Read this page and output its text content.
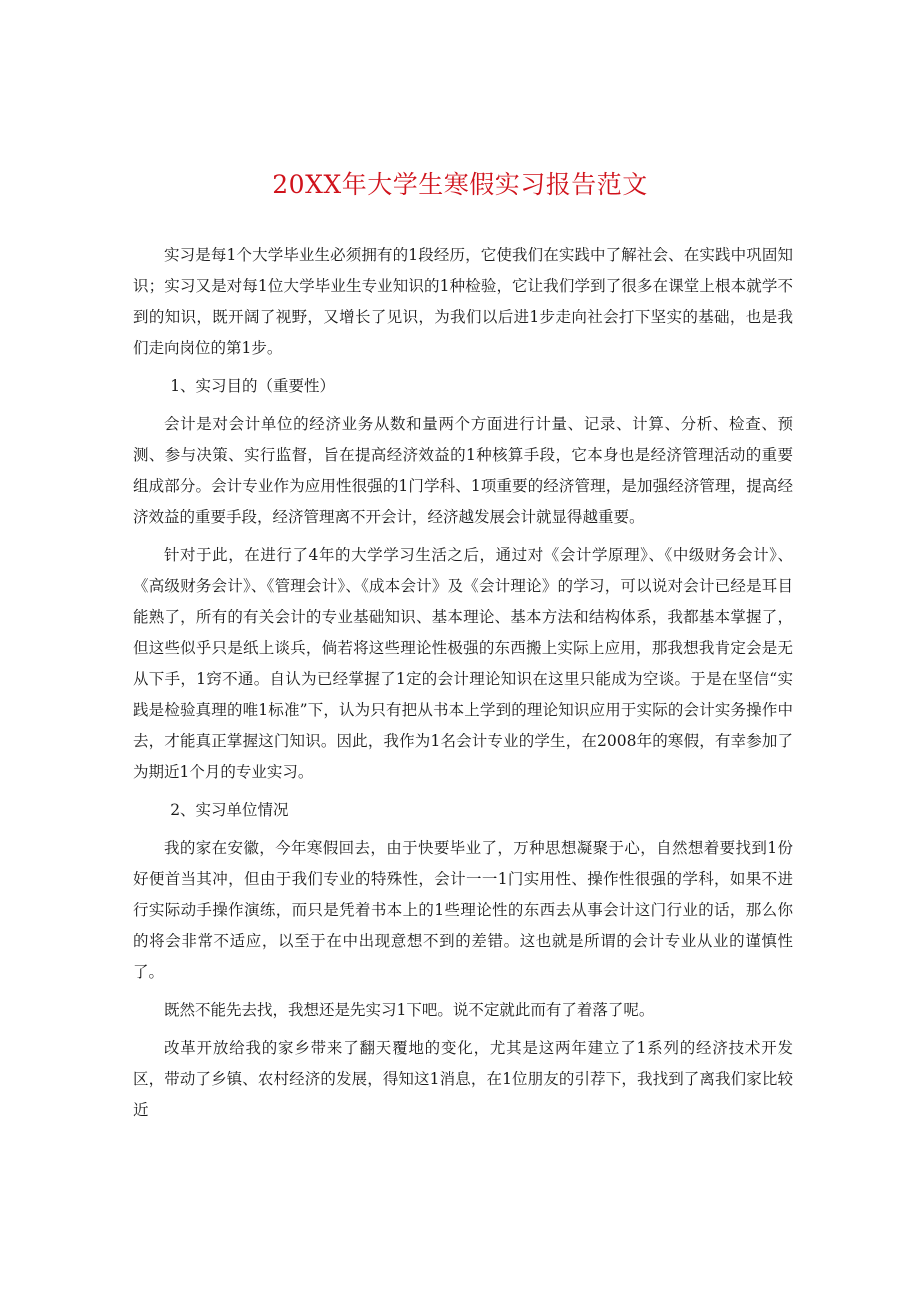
20XX年大学生寒假实习报告范文

实习是每1个大学毕业生必须拥有的1段经历，它使我们在实践中了解社会、在实践中巩固知识；实习又是对每1位大学毕业生专业知识的1种检验，它让我们学到了很多在课堂上根本就学不到的知识，既开阔了视野，又增长了见识，为我们以后进1步走向社会打下坚实的基础，也是我们走向岗位的第1步。

1、实习目的（重要性）

会计是对会计单位的经济业务从数和量两个方面进行计量、记录、计算、分析、检查、预测、参与决策、实行监督，旨在提高经济效益的1种核算手段，它本身也是经济管理活动的重要组成部分。会计专业作为应用性很强的1门学科、1项重要的经济管理，是加强经济管理，提高经济效益的重要手段，经济管理离不开会计，经济越发展会计就显得越重要。

针对于此，在进行了4年的大学学习生活之后，通过对《会计学原理》、《中级财务会计》、《高级财务会计》、《管理会计》、《成本会计》及《会计理论》的学习，可以说对会计已经是耳目能熟了，所有的有关会计的专业基础知识、基本理论、基本方法和结构体系，我都基本掌握了，但这些似乎只是纸上谈兵，倘若将这些理论性极强的东西搬上实际上应用，那我想我肯定会是无从下手，1窍不通。自认为已经掌握了1定的会计理论知识在这里只能成为空谈。于是在坚信“实践是检验真理的唯1标准”下，认为只有把从书本上学到的理论知识应用于实际的会计实务操作中去，才能真正掌握这门知识。因此，我作为1名会计专业的学生，在2008年的寒假，有幸参加了为期近1个月的专业实习。

2、实习单位情况

我的家在安徽，今年寒假回去，由于快要毕业了，万种思想凝聚于心，自然想着要找到1份好便首当其冲，但由于我们专业的特殊性，会计一一1门实用性、操作性很强的学科，如果不进行实际动手操作演练，而只是凭着书本上的1些理论性的东西去从事会计这门行业的话，那么你的将会非常不适应，以至于在中出现意想不到的差错。这也就是所谓的会计专业从业的谨慎性了。

既然不能先去找，我想还是先实习1下吧。说不定就此而有了着落了呢。

改革开放给我的家乡带来了翻天覆地的变化，尤其是这两年建立了1系列的经济技术开发区，带动了乡镇、农村经济的发展，得知这1消息，在1位朋友的引荐下，我找到了离我们家比较近
